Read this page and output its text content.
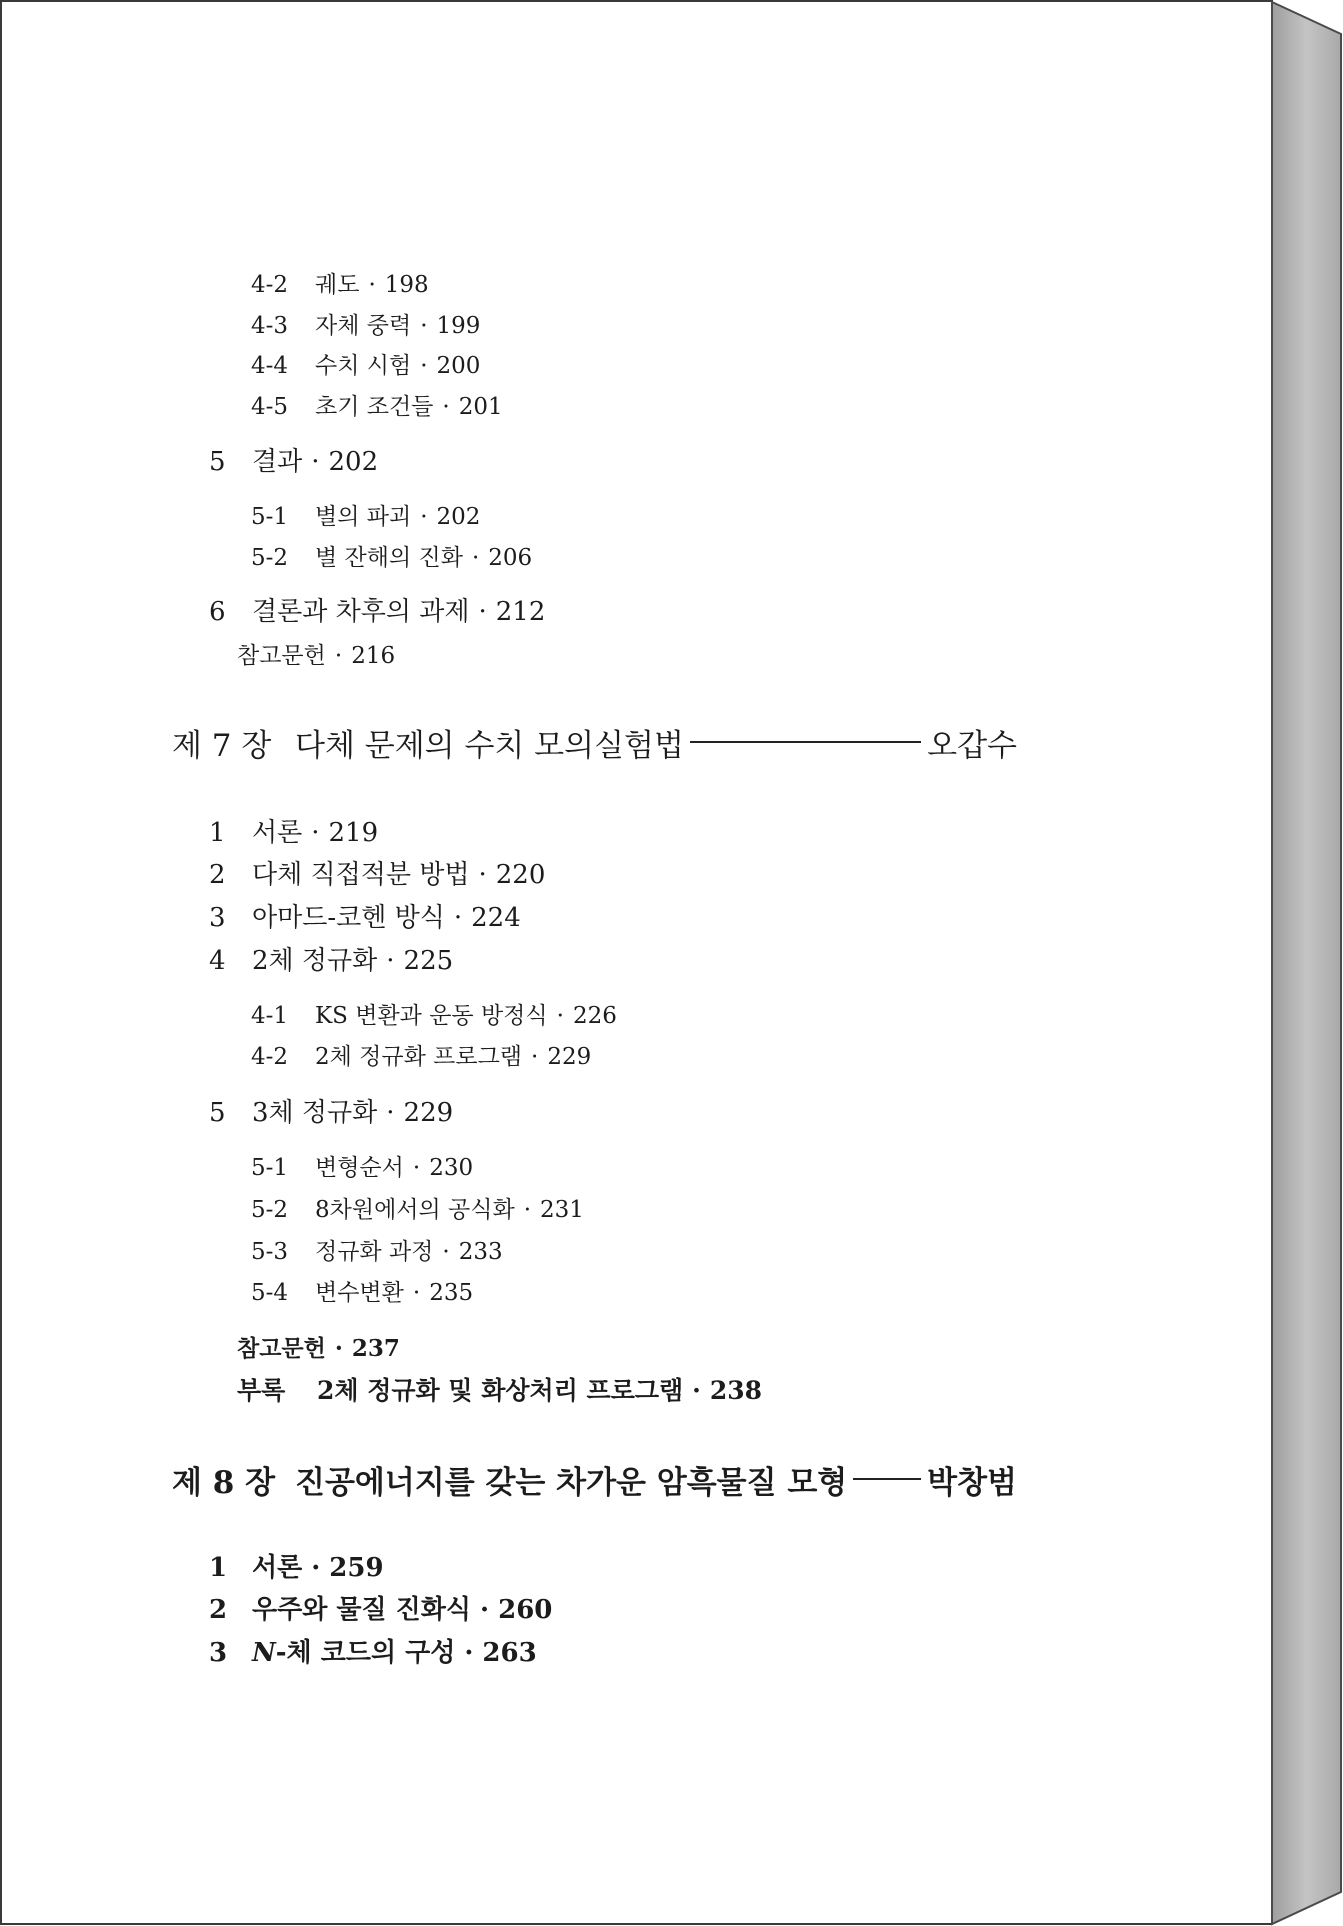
4-2	궤도 · 198
4-3	자체 중력 · 199
4-4	수치 시험 · 200
4-5	초기 조건들 · 201
5	결과 · 202
5-1	별의 파괴 · 202
5-2	별 잔해의 진화 · 206
6	결론과 차후의 과제 · 212
참고문헌 · 216
제 7 장 다체 문제의 수치 모의실험법	오갑수
1	서론 · 219
2	다체 직접적분 방법 · 220
3	아마드-코헨 방식 · 224
4	2체 정규화 · 225
4-1	KS 변환과 운동 방정식 · 226
4-2	2체 정규화 프로그램 · 229
5	3체 정규화 · 229
5-1	변형순서 · 230
5-2	8차원에서의 공식화 · 231
5-3	정규화 과정 · 233
5-4	변수변환 · 235
참고문헌 · 237
부록	2체 정규화 및 화상처리 프로그램 · 238
제 8 장 진공에너지를 갖는 차가운 암흑물질 모형	박창범
1 서론 · 259
2 우주와 물질 진화식 · 260
3 N -체 코드의 구성 · 263
